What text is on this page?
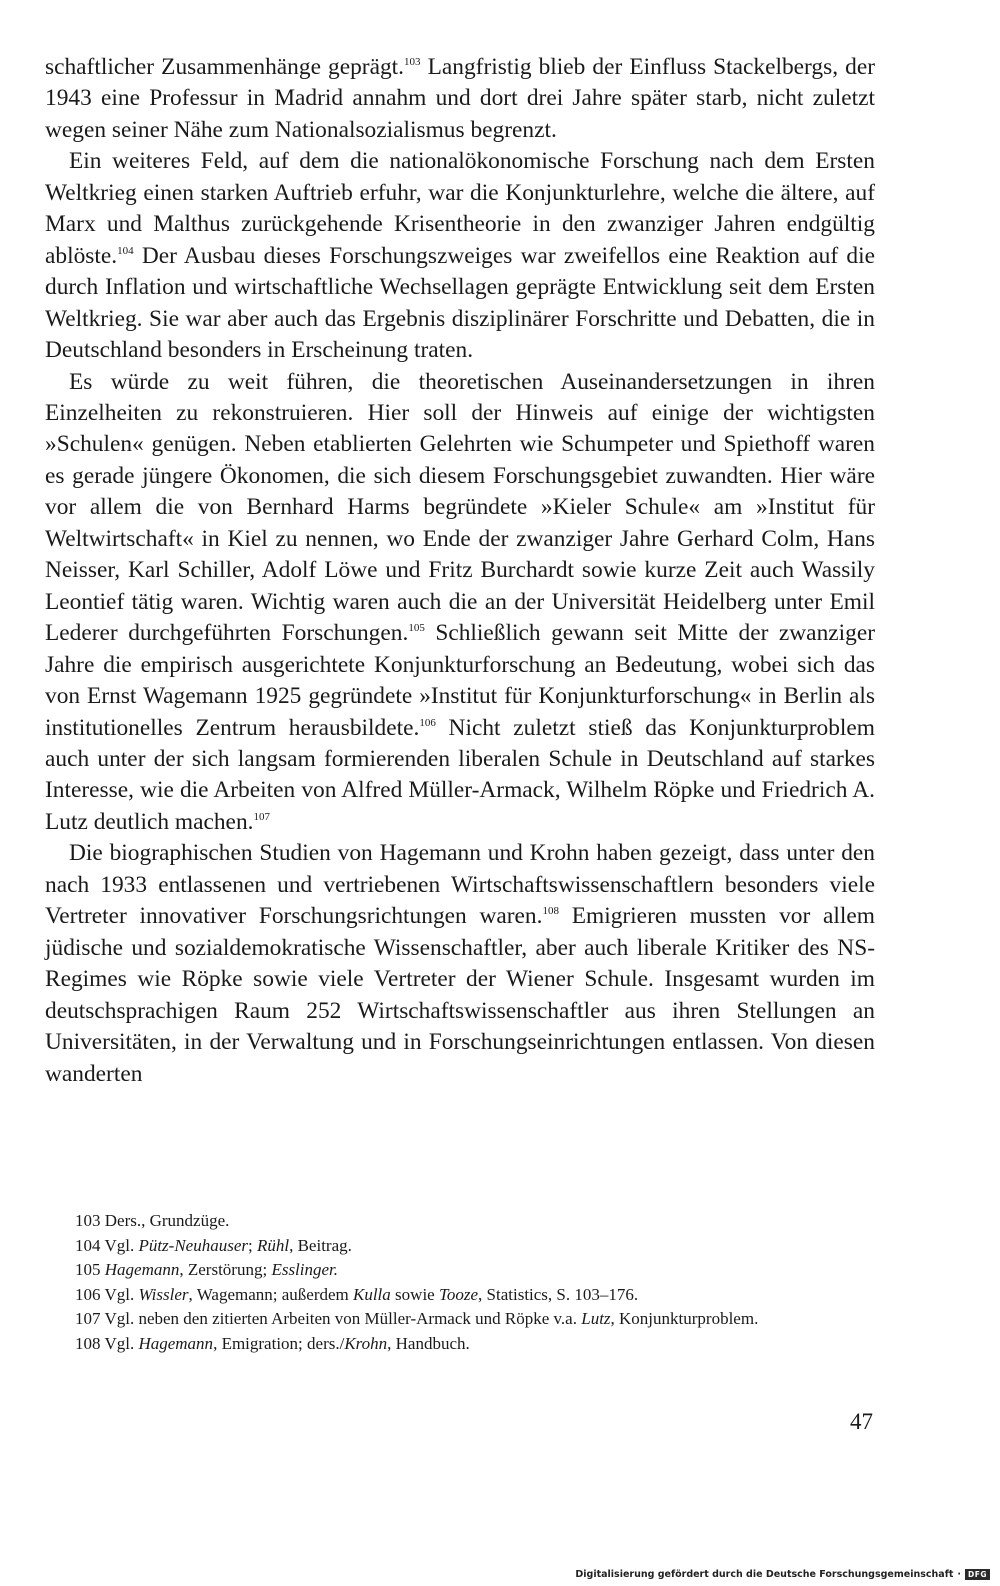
schaftlicher Zusammenhänge geprägt.$^{103}$ Langfristig blieb der Einfluss Stackelbergs, der 1943 eine Professur in Madrid annahm und dort drei Jahre später starb, nicht zuletzt wegen seiner Nähe zum Nationalsozialismus begrenzt.

Ein weiteres Feld, auf dem die nationalökonomische Forschung nach dem Ersten Weltkrieg einen starken Auftrieb erfuhr, war die Konjunkturlehre, welche die ältere, auf Marx und Malthus zurückgehende Krisentheorie in den zwanziger Jahren endgültig ablöste.$^{104}$ Der Ausbau dieses Forschungszweiges war zweifellos eine Reaktion auf die durch Inflation und wirtschaftliche Wechsellagen geprägte Entwicklung seit dem Ersten Weltkrieg. Sie war aber auch das Ergebnis disziplinärer Forschritte und Debatten, die in Deutschland besonders in Erscheinung traten.

Es würde zu weit führen, die theoretischen Auseinandersetzungen in ihren Einzelheiten zu rekonstruieren. Hier soll der Hinweis auf einige der wichtigsten »Schulen« genügen. Neben etablierten Gelehrten wie Schumpeter und Spiethoff waren es gerade jüngere Ökonomen, die sich diesem Forschungsgebiet zuwandten. Hier wäre vor allem die von Bernhard Harms begründete »Kieler Schule« am »Institut für Weltwirtschaft« in Kiel zu nennen, wo Ende der zwanziger Jahre Gerhard Colm, Hans Neisser, Karl Schiller, Adolf Löwe und Fritz Burchardt sowie kurze Zeit auch Wassily Leontief tätig waren. Wichtig waren auch die an der Universität Heidelberg unter Emil Lederer durchgeführten Forschungen.$^{105}$ Schließlich gewann seit Mitte der zwanziger Jahre die empirisch ausgerichtete Konjunkturforschung an Bedeutung, wobei sich das von Ernst Wagemann 1925 gegründete »Institut für Konjunkturforschung« in Berlin als institutionelles Zentrum herausbildete.$^{106}$ Nicht zuletzt stieß das Konjunkturproblem auch unter der sich langsam formierenden liberalen Schule in Deutschland auf starkes Interesse, wie die Arbeiten von Alfred Müller-Armack, Wilhelm Röpke und Friedrich A. Lutz deutlich machen.$^{107}$

Die biographischen Studien von Hagemann und Krohn haben gezeigt, dass unter den nach 1933 entlassenen und vertriebenen Wirtschaftswissenschaftlern besonders viele Vertreter innovativer Forschungsrichtungen waren.$^{108}$ Emigrieren mussten vor allem jüdische und sozialdemokratische Wissenschaftler, aber auch liberale Kritiker des NS-Regimes wie Röpke sowie viele Vertreter der Wiener Schule. Insgesamt wurden im deutschsprachigen Raum 252 Wirtschaftswissenschaftler aus ihren Stellungen an Universitäten, in der Verwaltung und in Forschungseinrichtungen entlassen. Von diesen wanderten

103 Ders., Grundzüge.

104 Vgl. Pütz-Neuhauser; Rühl, Beitrag.

105 Hagemann, Zerstörung; Esslinger.

106 Vgl. Wissler, Wagemann; außerdem Kulla sowie Tooze, Statistics, S. 103–176.

107 Vgl. neben den zitierten Arbeiten von Müller-Armack und Röpke v.a. Lutz, Konjunkturproblem.

108 Vgl. Hagemann, Emigration; ders./Krohn, Handbuch.

47
Digitalisierung gefördert durch die Deutsche Forschungsgemeinschaft · DFG
